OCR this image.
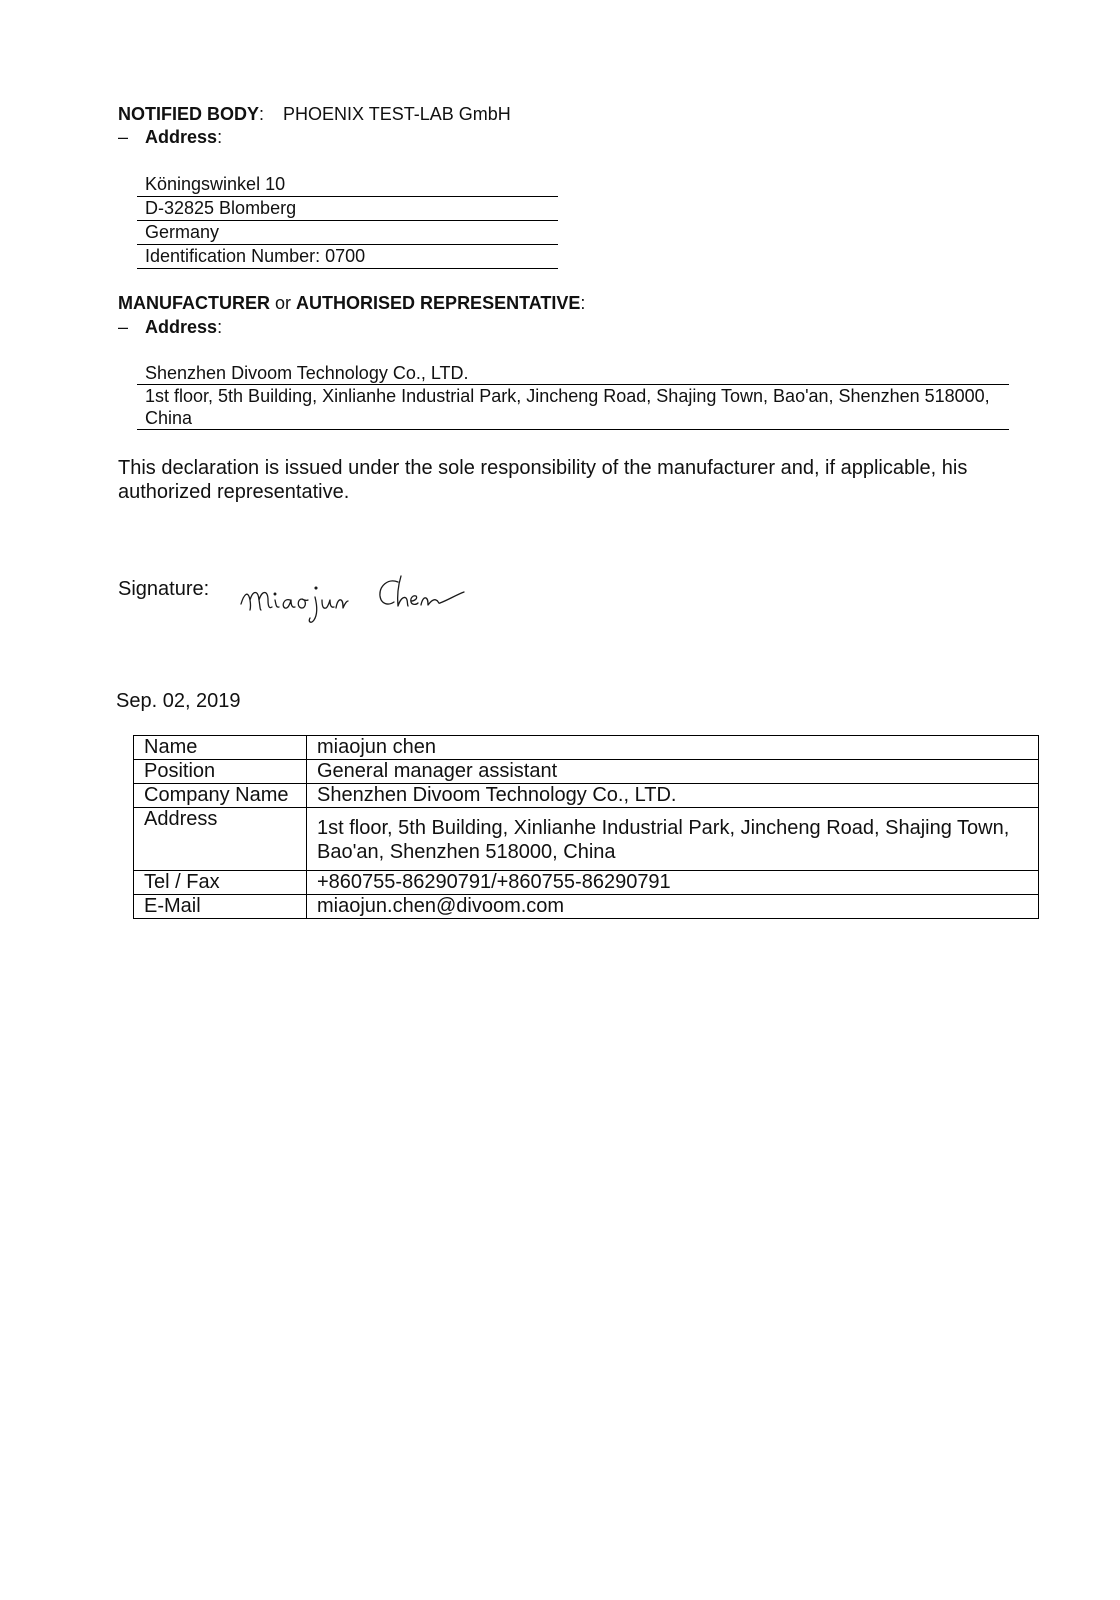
NOTIFIED BODY: PHOENIX TEST-LAB GmbH
– Address:
Köningswinkel 10
D-32825 Blomberg
Germany
Identification Number: 0700
MANUFACTURER or AUTHORISED REPRESENTATIVE:
– Address:
Shenzhen Divoom Technology Co., LTD.
1st floor, 5th Building, Xinlianhe Industrial Park, Jincheng Road, Shajing Town, Bao'an, Shenzhen 518000, China
This declaration is issued under the sole responsibility of the manufacturer and, if applicable, his authorized representative.
Signature:
Sep. 02, 2019
Name	miaojun chen
Position	General manager assistant
Company Name	Shenzhen Divoom Technology Co., LTD.
Address	1st floor, 5th Building, Xinlianhe Industrial Park, Jincheng Road, Shajing Town, Bao'an, Shenzhen 518000, China
Tel / Fax	+860755-86290791/+860755-86290791
E-Mail	miaojun.chen@divoom.com
